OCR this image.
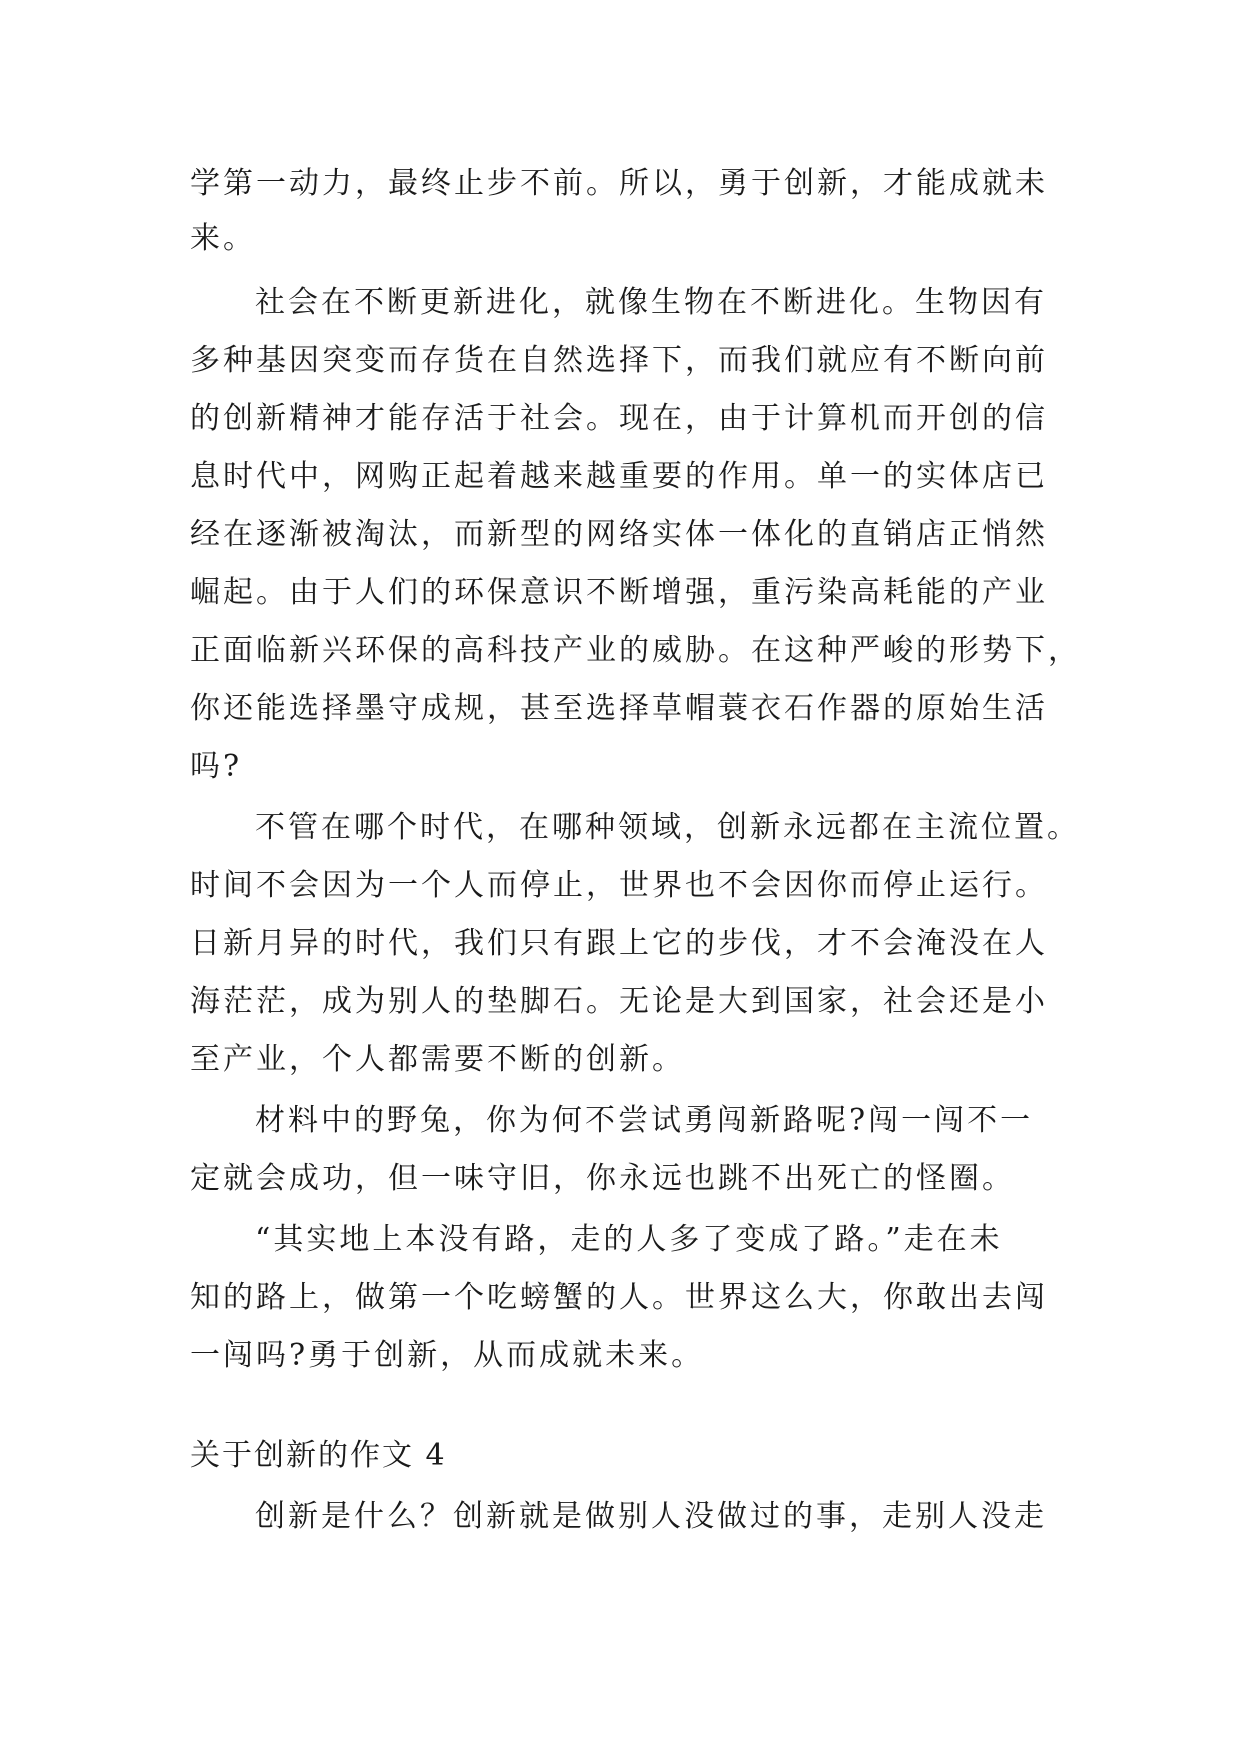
学第一动力，最终止步不前。所以，勇于创新，才能成就未
来。
社会在不断更新进化，就像生物在不断进化。生物因有
多种基因突变而存货在自然选择下，而我们就应有不断向前
的创新精神才能存活于社会。现在，由于计算机而开创的信
息时代中，网购正起着越来越重要的作用。单一的实体店已
经在逐渐被淘汰，而新型的网络实体一体化的直销店正悄然
崛起。由于人们的环保意识不断增强，重污染高耗能的产业
正面临新兴环保的高科技产业的威胁。在这种严峻的形势下，
你还能选择墨守成规，甚至选择草帽蓑衣石作器的原始生活
吗?
不管在哪个时代，在哪种领域，创新永远都在主流位置。
时间不会因为一个人而停止，世界也不会因你而停止运行。
日新月异的时代，我们只有跟上它的步伐，才不会淹没在人
海茫茫，成为别人的垫脚石。无论是大到国家，社会还是小
至产业，个人都需要不断的创新。
材料中的野兔，你为何不尝试勇闯新路呢?闯一闯不一
定就会成功，但一味守旧，你永远也跳不出死亡的怪圈。
“其实地上本没有路，走的人多了变成了路。”走在未
知的路上，做第一个吃螃蟹的人。世界这么大，你敢出去闯
一闯吗?勇于创新，从而成就未来。
关于创新的作文 4
创新是什么？创新就是做别人没做过的事，走别人没走
